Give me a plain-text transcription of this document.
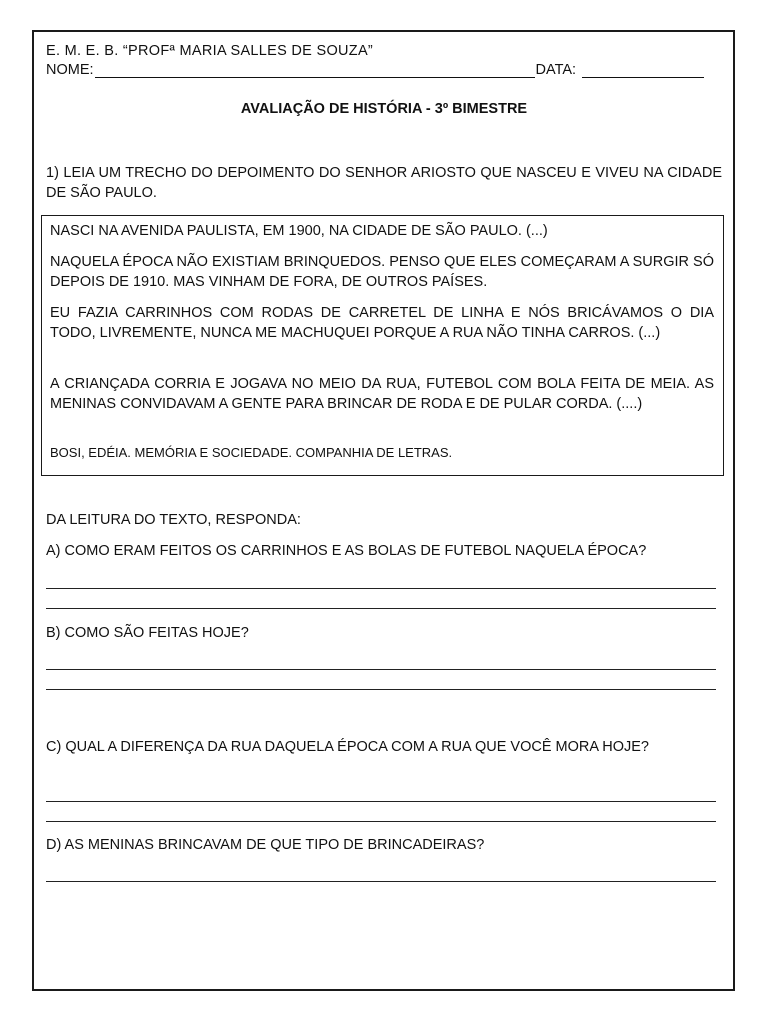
E. M. E. B. “PROFª MARIA SALLES DE SOUZA”
NOME:	DATA:
AVALIAÇÃO DE HISTÓRIA - 3º BIMESTRE
1) LEIA UM TRECHO DO DEPOIMENTO DO SENHOR ARIOSTO QUE NASCEU E VIVEU NA CIDADE DE SÃO PAULO.
NASCI NA AVENIDA PAULISTA, EM 1900, NA CIDADE DE SÃO PAULO. (...)
NAQUELA ÉPOCA NÃO EXISTIAM BRINQUEDOS. PENSO QUE ELES COMEÇARAM A SURGIR SÓ DEPOIS DE 1910. MAS VINHAM DE FORA, DE OUTROS PAÍSES.
EU FAZIA CARRINHOS COM RODAS DE CARRETEL DE LINHA E NÓS BRICÁVAMOS O DIA TODO, LIVREMENTE, NUNCA ME MACHUQUEI PORQUE A RUA NÃO TINHA CARROS. (...)
A CRIANÇADA CORRIA E JOGAVA NO MEIO DA RUA, FUTEBOL COM BOLA FEITA DE MEIA. AS MENINAS CONVIDAVAM A GENTE PARA BRINCAR DE RODA E DE PULAR CORDA. (....)
BOSI, EDÉIA. MEMÓRIA E SOCIEDADE. COMPANHIA DE LETRAS.
DA LEITURA DO TEXTO, RESPONDA:
A) COMO ERAM FEITOS OS CARRINHOS E AS BOLAS DE FUTEBOL NAQUELA ÉPOCA?
B) COMO SÃO FEITAS HOJE?
C) QUAL A DIFERENÇA DA RUA DAQUELA ÉPOCA COM A RUA QUE VOCÊ MORA HOJE?
D) AS MENINAS BRINCAVAM DE QUE TIPO DE BRINCADEIRAS?
